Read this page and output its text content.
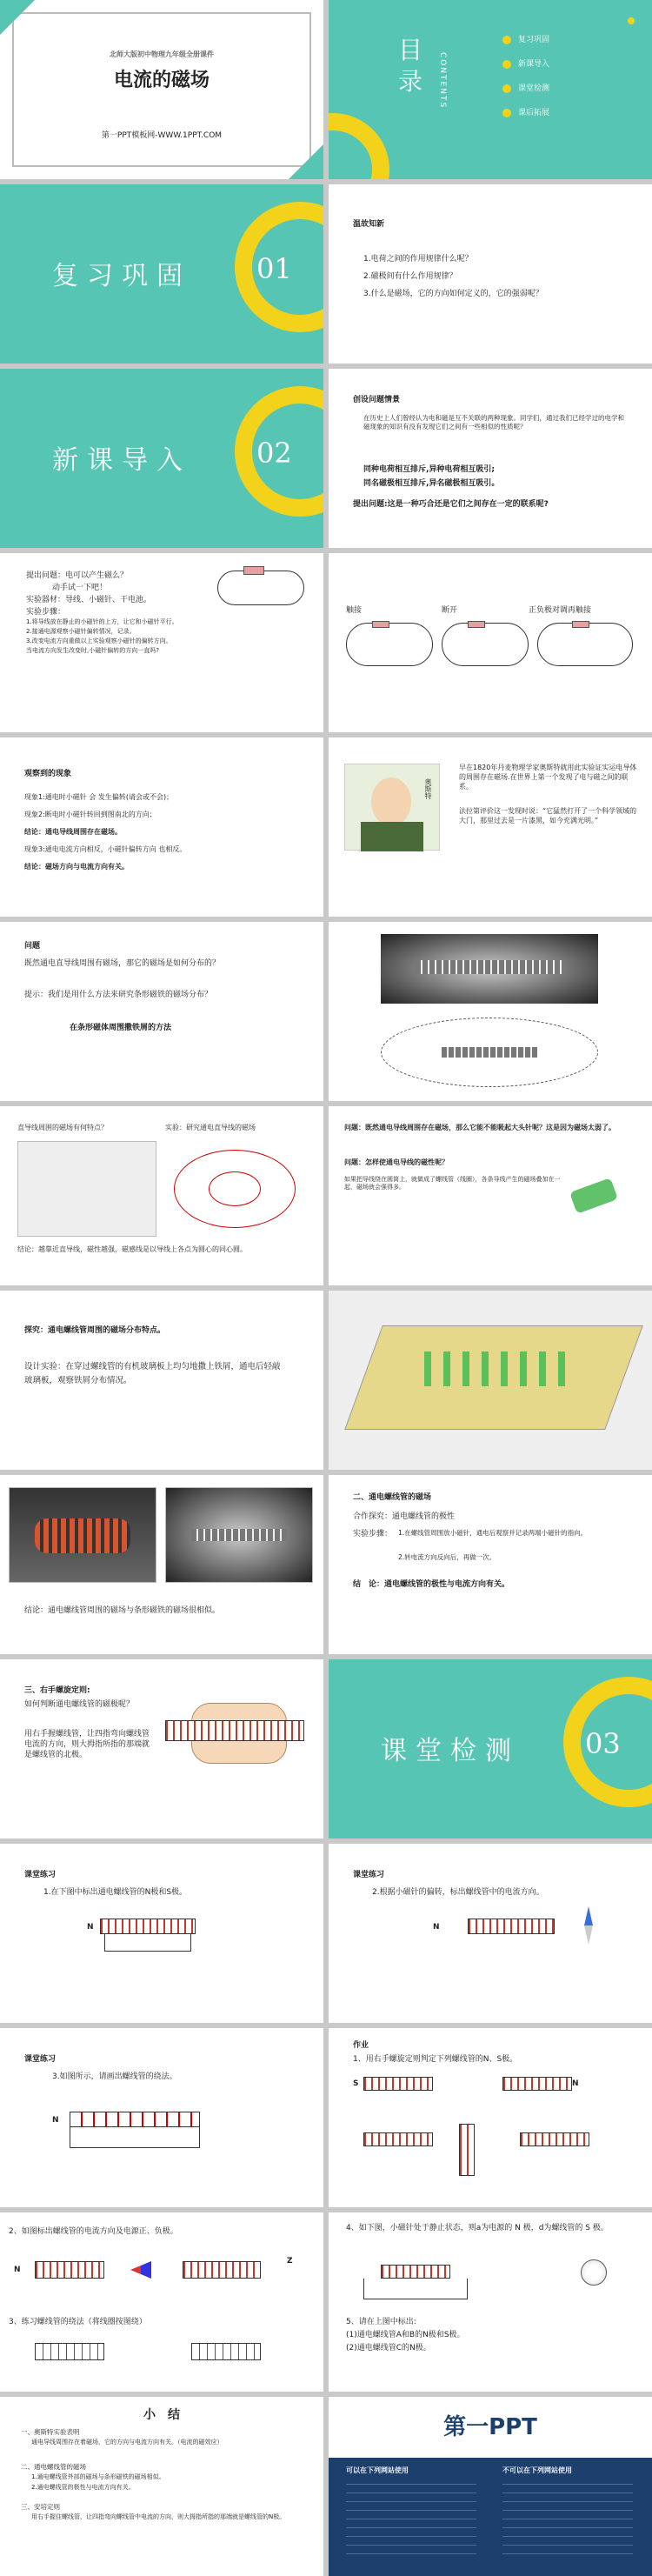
北师大版初中物理九年级全册课件
电流的磁场
第一PPT模板网-WWW.1PPT.COM
目录	CONTENTS
复习巩固
新课导入
课堂检测
课后拓展
复习巩固 01
温故知新
1.电荷之间的作用规律什么呢？
2.磁极间有什么作用规律？
3.什么是磁场，它的方向如何定义的，它的强弱呢？
新课导入 02
创设问题情景
在历史上人们曾经认为电和磁是互不关联的两种现象。同学们，通过我们已经学过的电学和磁现象的知识有没有发现它们之间有一些相似的性质呢？
同种电荷相互排斥,异种电荷相互吸引;
同名磁极相互排斥,异名磁极相互吸引。
提出问题:这是一种巧合还是它们之间存在一定的联系呢?
提出问题：电可以产生磁么？
动手试一下吧！
实验器材：导线、小磁针、干电池。
实验步骤：
1.将导线放在静止的小磁针的上方，让它和小磁针平行。
2.接通电源观察小磁针偏转情况，记录。
3.改变电流方向重做以上实验观察小磁针的偏转方向。
当电流方向发生改变时,小磁针偏转的方向一直吗?
触接	断开	正负极对调再触接
观察到的现象
现象1:通电时小磁针 会 发生偏转(请会或不会)；
现象2:断电时小磁针转回到图南北的方向；
结论：通电导线周围存在磁场。
现象3:通电电流方向相反，小磁针偏转方向 也相反。
结论：磁场方向与电流方向有关。
奥斯特
早在1820年丹麦物理学家奥斯特就用此实验证实运电导体的周围存在磁场.在世界上第一个发现了电与磁之间的联系。
法拉第评价这一发现时说：“它猛然打开了一个科学领域的大门，那里过去是一片漆黑，如今充满光明。”
问题
既然通电直导线周围有磁场，那它的磁场是如何分布的？
提示：我们是用什么方法来研究条形磁铁的磁场分布？
在条形磁体周围撒铁屑的方法
直导线周围的磁场有何特点？	实验：研究通电直导线的磁场
结论：越靠近直导线，磁性越强，磁感线是以导线上各点为圆心的同心圆。
问题：既然通电导线周围存在磁场，那么它能不能吸起大头针呢？这是因为磁场太弱了。
问题：怎样使通电导线的磁性呢？
如果把导线绕在圆筒上，就做成了螺线管（线圈），各条导线产生的磁场叠加在一起，磁场就会强得多。
探究：通电螺线管周围的磁场分布特点。
设计实验：在穿过螺线管的有机玻璃板上均匀地撒上铁屑，通电后轻敲玻璃板，观察铁屑分布情况。
结论：通电螺线管周围的磁场与条形磁铁的磁场很相似。
二、通电螺线管的磁场
合作探究：通电螺线管的极性
实验步骤： 1.在螺线管周围放小磁针，通电后观察并记录两端小磁针的指向。
2.转电流方向反向后，再做一次。
结　论：通电螺线管的极性与电流方向有关。
三、右手螺旋定则:
如何判断通电螺线管的磁极呢？
用右手握螺线管，让四指弯向螺线管电流的方向，则大拇指所指的那端就是螺线管的北极。	课堂检测 03
课堂练习
1.在下图中标出通电螺线管的N极和S极。
N
课堂练习
2.根据小磁针的偏转，标出螺线管中的电流方向。
N
课堂练习
3.如图所示，请画出螺线管的绕法。
N
作业
1、用右手螺旋定则判定下列螺线管的N、S极。
S	N
2、如图标出螺线管的电流方向及电源正、负极。
N
Z
3、练习螺线管的绕法（将线圈按图绕）
4、如下图，小磁针处于静止状态，则a为电源的 N 极，d为螺线管的 S 极。
5、请在上图中标出:
(1)通电螺线管A和B的N极和S极。
(2)通电螺线管C的N极。
小　结
一、奥斯特实验表明
通电导线周围存在着磁场，它的方向与电流方向有关。（电流的磁效应）
二、通电螺线管的磁场
1.通电螺线管外部的磁场与条形磁铁的磁场相似。
2.通电螺线管的极性与电流方向有关。
三、安培定则
用右手握住螺线管，让四指弯向螺线管中电流的方向，则大拇指所指的那端就是螺线管的N极。
第一PPT
可以在下列网站使用	不可以在下列网站使用
